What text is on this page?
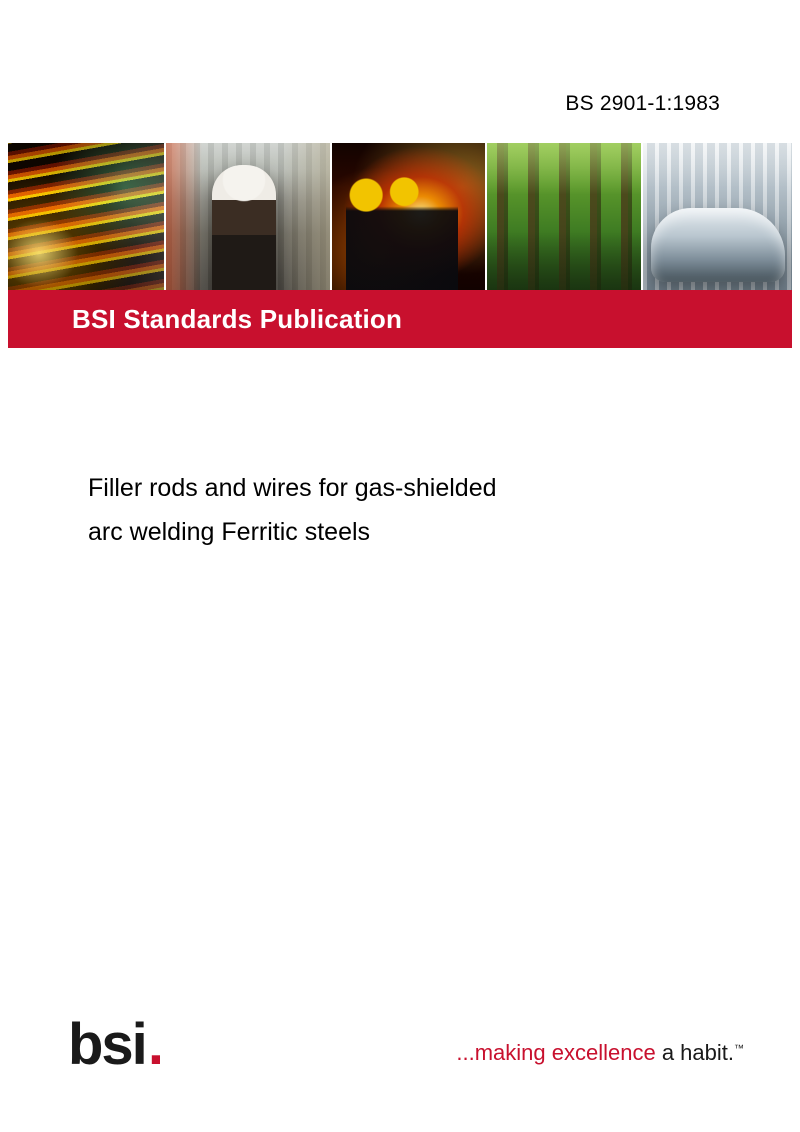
BS 2901-1:1983
BSI Standards Publication
Filler rods and wires for gas-shielded
arc welding Ferritic steels
bsi .	...making excellence a habit.™
